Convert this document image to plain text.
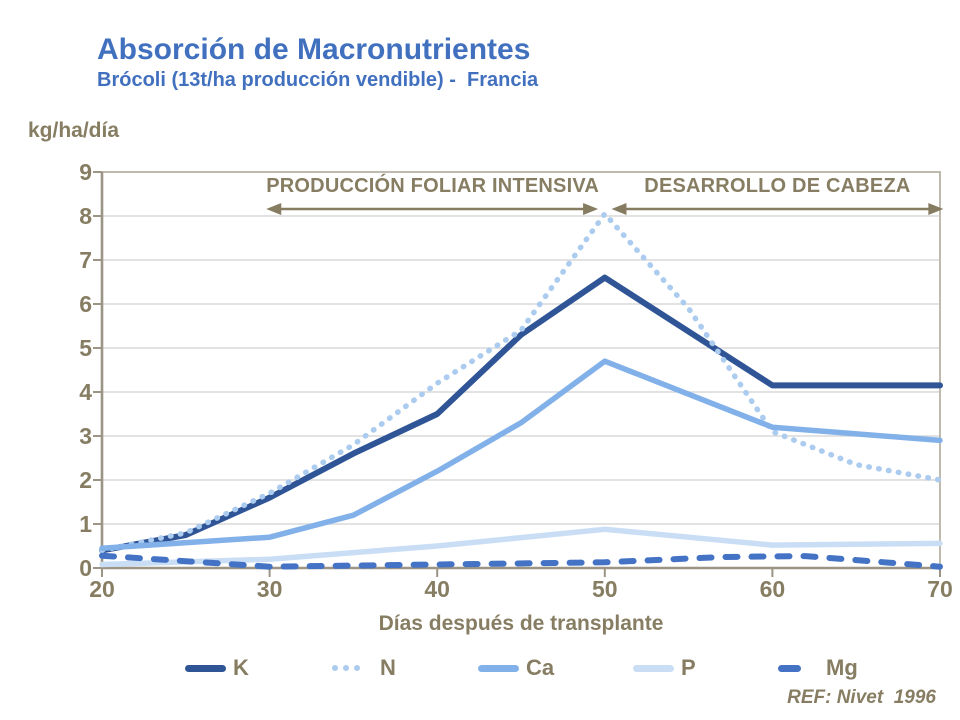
Absorción de Macronutrientes
Brócoli (13t/ha producción vendible) -  Francia
kg/ha/día
0
1
2
3
4
5
6
7
8
9
20	30	40	50	60	70
PRODUCCIÓN FOLIAR INTENSIVA	DESARROLLO DE CABEZA
Días después de transplante
K	N	Ca	P	Mg
REF: Nivet  1996
